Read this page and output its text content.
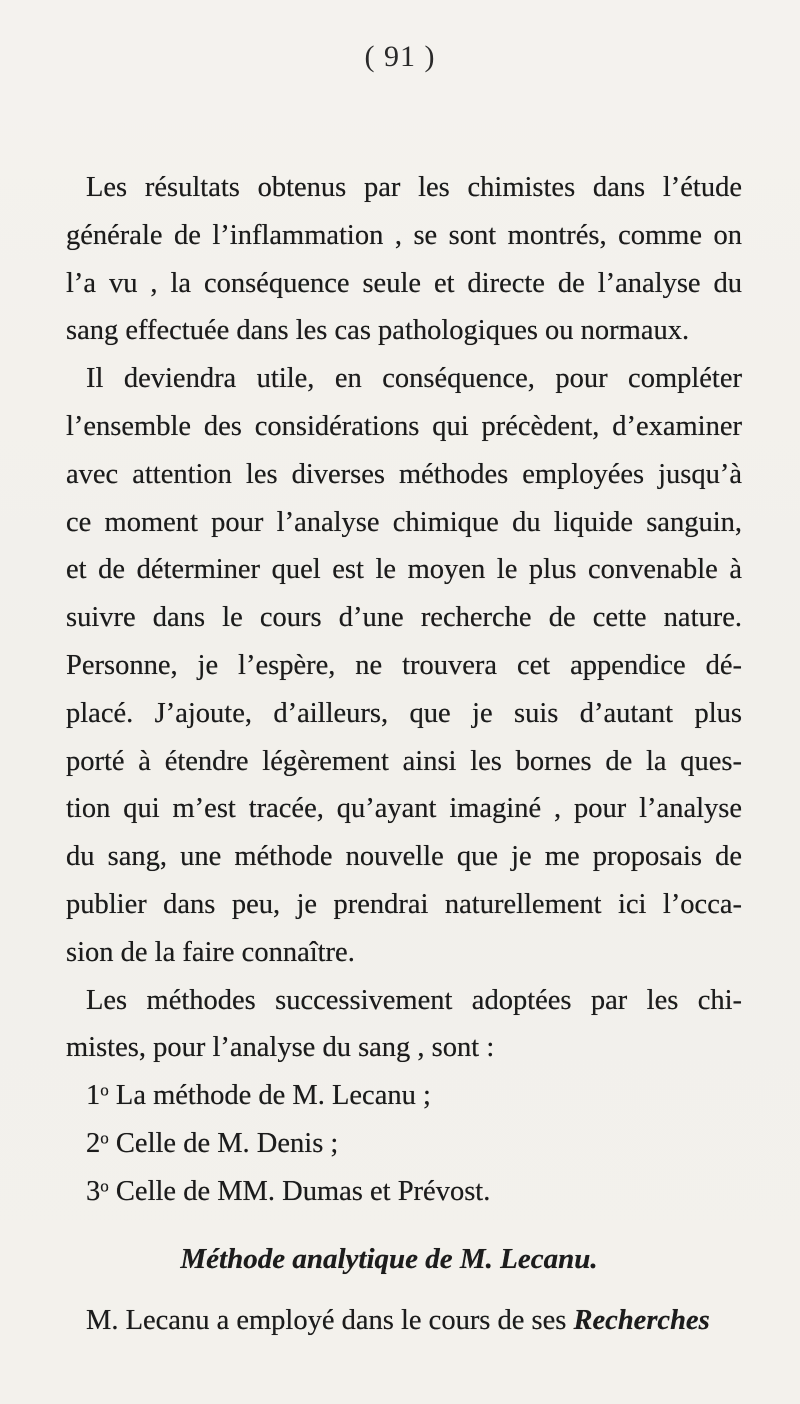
( 91 )
Les résultats obtenus par les chimistes dans l’étude
générale de l’inflammation , se sont montrés, comme on
l’a vu , la conséquence seule et directe de l’analyse du
sang effectuée dans les cas pathologiques ou normaux.
Il deviendra utile, en conséquence, pour compléter
l’ensemble des considérations qui précèdent, d’examiner
avec attention les diverses méthodes employées jusqu’à
ce moment pour l’analyse chimique du liquide sanguin,
et de déterminer quel est le moyen le plus convenable à
suivre dans le cours d’une recherche de cette nature.
Personne, je l’espère, ne trouvera cet appendice dé-
placé. J’ajoute, d’ailleurs, que je suis d’autant plus
porté à étendre légèrement ainsi les bornes de la ques-
tion qui m’est tracée, qu’ayant imaginé , pour l’analyse
du sang, une méthode nouvelle que je me proposais de
publier dans peu, je prendrai naturellement ici l’occa-
sion de la faire connaître.
Les méthodes successivement adoptées par les chi-
mistes, pour l’analyse du sang , sont :
1$^o$ La méthode de M. Lecanu ;
2$^o$ Celle de M. Denis ;
3$^o$ Celle de MM. Dumas et Prévost.
Méthode analytique de M. Lecanu.
M. Lecanu a employé dans le cours de ses Recherches
